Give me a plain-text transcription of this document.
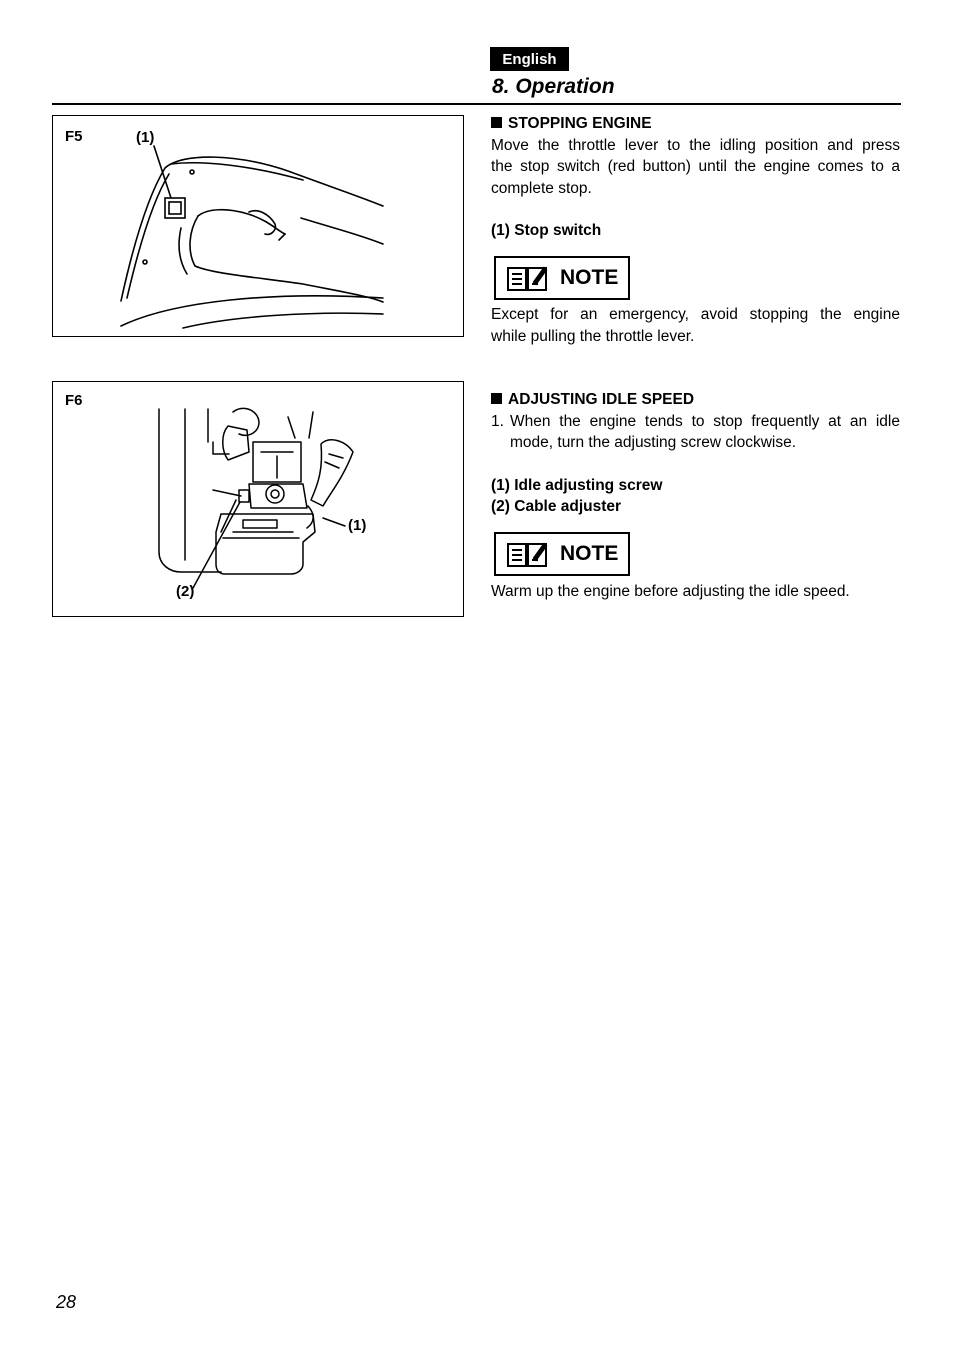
English
8. Operation
F5	(1)
F6
(1)
(2)
STOPPING ENGINE
Move the throttle lever to the idling position and press
the stop switch (red button) until the engine comes to a
complete stop.
(1) Stop switch
NOTE
Except for an emergency, avoid stopping the engine
while pulling the throttle lever.
ADJUSTING IDLE SPEED
1. When the engine tends to stop frequently at an idle
mode, turn the adjusting screw clockwise.
(1) Idle adjusting screw
(2) Cable adjuster
NOTE
Warm up the engine before adjusting the idle speed.
28
